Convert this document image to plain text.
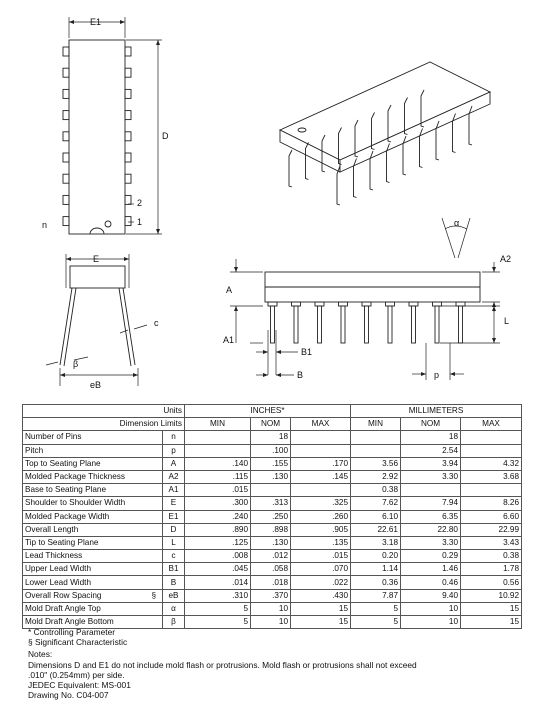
E1
D
2
1
n
E
c
β
eB
α
A2
A
L
A1
B1
B	p
Units		INCHES*			MILLIMETERS		
Dimension Limits		MIN	NOM	MAX	MIN	NOM	MAX
Number of Pins	n		18			18	
Pitch	p		.100			2.54	
Top to Seating Plane	A	.140	.155	.170	3.56	3.94	4.32
Molded Package Thickness	A2	.115	.130	.145	2.92	3.30	3.68
Base to Seating Plane	A1	.015			0.38		
Shoulder to Shoulder Width	E	.300	.313	.325	7.62	7.94	8.26
Molded Package Width	E1	.240	.250	.260	6.10	6.35	6.60
Overall Length	D	.890	.898	.905	22.61	22.80	22.99
Tip to Seating Plane	L	.125	.130	.135	3.18	3.30	3.43
Lead Thickness	c	.008	.012	.015	0.20	0.29	0.38
Upper Lead Width	B1	.045	.058	.070	1.14	1.46	1.78
Lower Lead Width	B	.014	.018	.022	0.36	0.46	0.56
Overall Row Spacing §	eB	.310	.370	.430	7.87	9.40	10.92
Mold Draft Angle Top	α	5	10	15	5	10	15
Mold Draft Angle Bottom	β	5	10	15	5	10	15
* Controlling Parameter
§ Significant Characteristic
Notes:
Dimensions D and E1 do not include mold flash or protrusions. Mold flash or protrusions shall not exceed
.010" (0.254mm) per side.
JEDEC Equivalent: MS-001
Drawing No. C04-007
